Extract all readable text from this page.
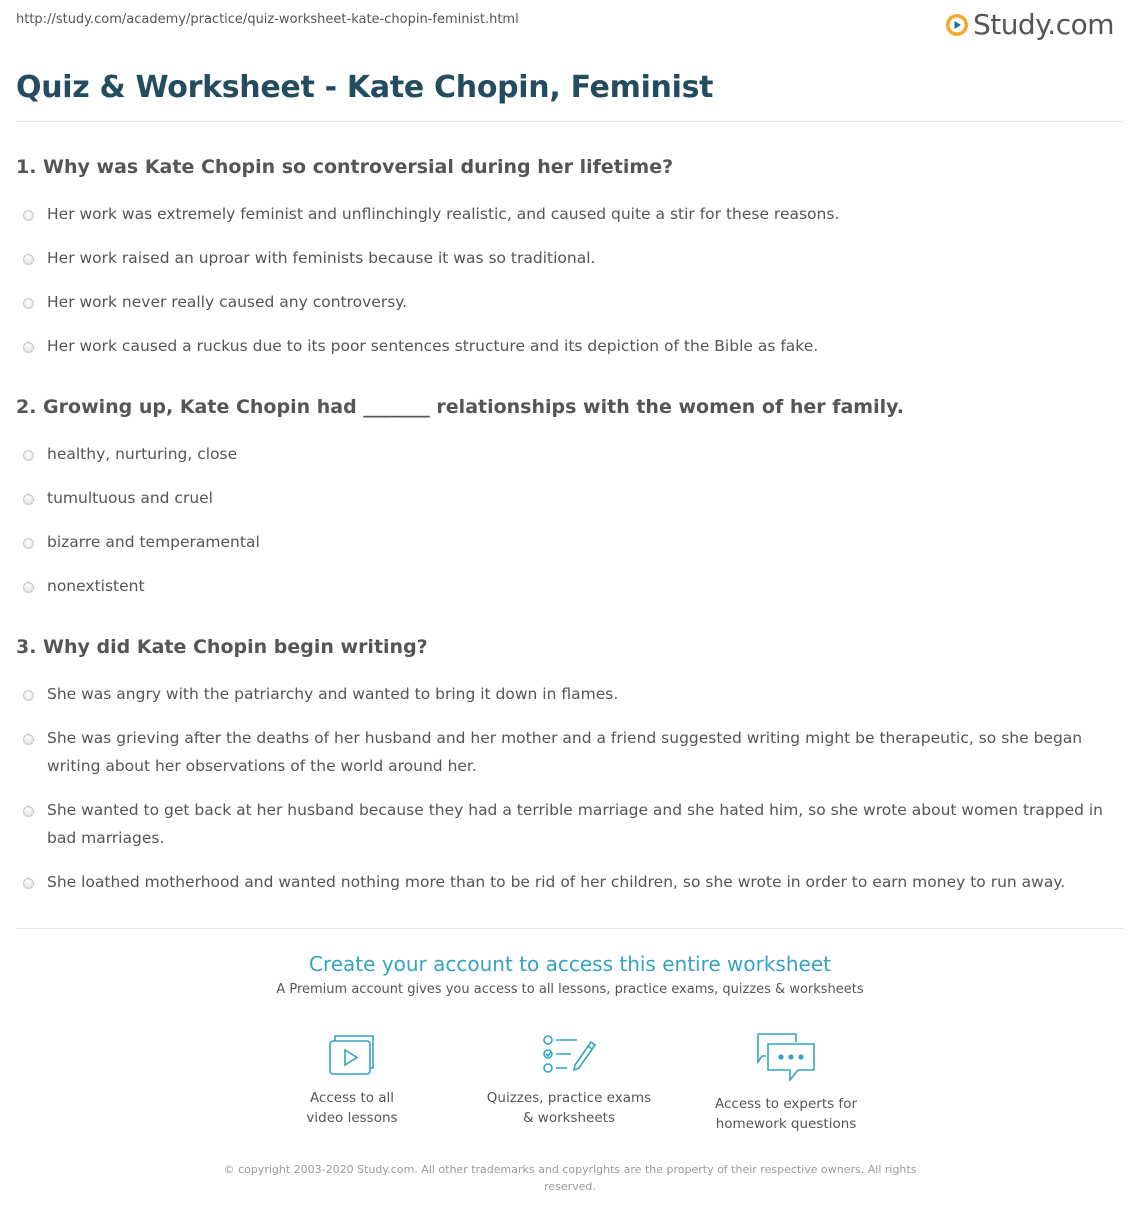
http://study.com/academy/practice/quiz-worksheet-kate-chopin-feminist.html	Study.com
Quiz & Worksheet - Kate Chopin, Feminist
1. Why was Kate Chopin so controversial during her lifetime?
Her work was extremely feminist and unflinchingly realistic, and caused quite a stir for these reasons.
Her work raised an uproar with feminists because it was so traditional.
Her work never really caused any controversy.
Her work caused a ruckus due to its poor sentences structure and its depiction of the Bible as fake.
2. Growing up, Kate Chopin had _______ relationships with the women of her family.
healthy, nurturing, close
tumultuous and cruel
bizarre and temperamental
nonextistent
3. Why did Kate Chopin begin writing?
She was angry with the patriarchy and wanted to bring it down in flames.
She was grieving after the deaths of her husband and her mother and a friend suggested writing might be therapeutic, so she began writing about her observations of the world around her.
She wanted to get back at her husband because they had a terrible marriage and she hated him, so she wrote about women trapped in bad marriages.
She loathed motherhood and wanted nothing more than to be rid of her children, so she wrote in order to earn money to run away.
Create your account to access this entire worksheet
A Premium account gives you access to all lessons, practice exams, quizzes & worksheets
Access to all
video lessons
Quizzes, practice exams
& worksheets
Access to experts for
homework questions
© copyright 2003-2020 Study.com. All other trademarks and copyrights are the property of their respective owners. All rights
reserved.
